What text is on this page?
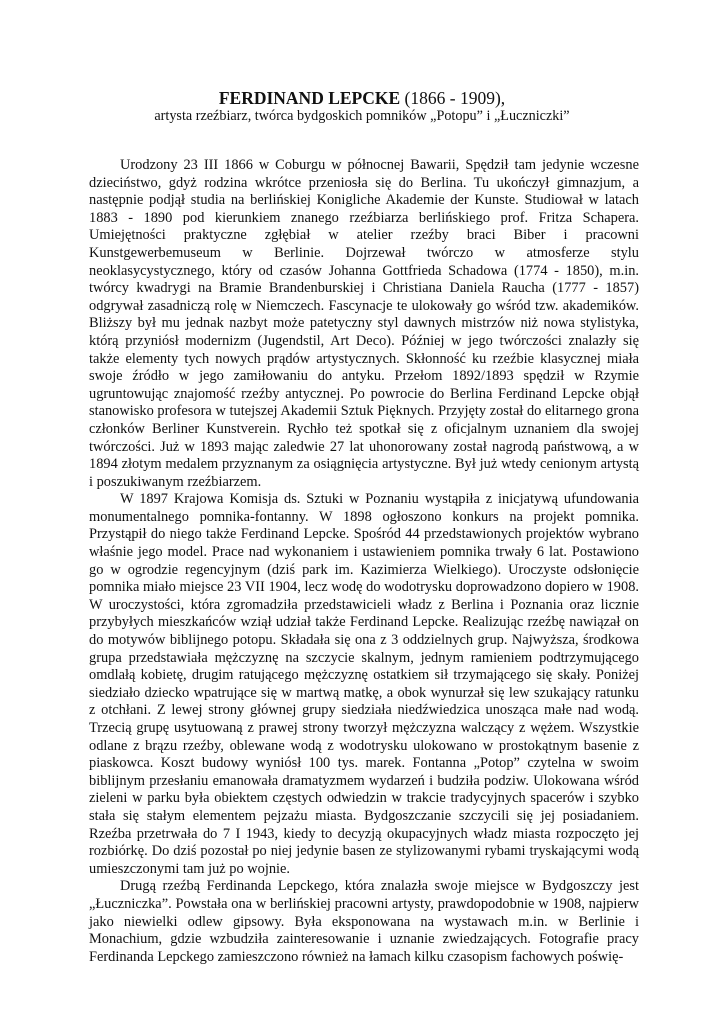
FERDINAND LEPCKE (1866 - 1909),

artysta rzeźbiarz, twórca bydgoskich pomników „Potopu” i „Łuczniczki”

Urodzony 23 III 1866 w Coburgu w północnej Bawarii, Spędził tam jedynie wczesne dzieciństwo, gdyż rodzina wkrótce przeniosła się do Berlina. Tu ukończył gimnazjum, a następnie podjął studia na berlińskiej Konigliche Akademie der Kunste. Studiował w latach 1883 - 1890 pod kierunkiem znanego rzeźbiarza berlińskiego prof. Fritza Schapera. Umiejętności praktyczne zgłębiał w atelier rzeźby braci Biber i pracowni Kunstgewerbemuseum w Berlinie. Dojrzewał twórczo w atmosferze stylu neoklasycystycznego, który od czasów Johanna Gottfrieda Schadowa (1774 - 1850), m.in. twórcy kwadrygi na Bramie Brandenburskiej i Christiana Daniela Raucha (1777 - 1857) odgrywał zasadniczą rolę w Niemczech. Fascynacje te ulokowały go wśród tzw. akademików. Bliższy był mu jednak nazbyt może patetyczny styl dawnych mistrzów niż nowa stylistyka, którą przyniósł modernizm (Jugendstil, Art Deco). Później w jego twórczości znalazły się także elementy tych nowych prądów artystycznych. Skłonność ku rzeźbie klasycznej miała swoje źródło w jego zamiłowaniu do antyku. Przełom 1892/1893 spędził w Rzymie ugruntowując znajomość rzeźby antycznej. Po powrocie do Berlina Ferdinand Lepcke objął stanowisko profesora w tutejszej Akademii Sztuk Pięknych. Przyjęty został do elitarnego grona członków Berliner Kunstverein. Rychło też spotkał się z oficjalnym uznaniem dla swojej twórczości. Już w 1893 mając zaledwie 27 lat uhonorowany został nagrodą państwową, a w 1894 złotym medalem przyznanym za osiągnięcia artystyczne. Był już wtedy cenionym artystą i poszukiwanym rzeźbiarzem.

W 1897 Krajowa Komisja ds. Sztuki w Poznaniu wystąpiła z inicjatywą ufundowania monumentalnego pomnika-fontanny. W 1898 ogłoszono konkurs na projekt pomnika. Przystąpił do niego także Ferdinand Lepcke. Spośród 44 przedstawionych projektów wybrano właśnie jego model. Prace nad wykonaniem i ustawieniem pomnika trwały 6 lat. Postawiono go w ogrodzie regencyjnym (dziś park im. Kazimierza Wielkiego). Uroczyste odsłonięcie pomnika miało miejsce 23 VII 1904, lecz wodę do wodotrysku doprowadzono dopiero w 1908. W uroczystości, która zgromadziła przedstawicieli władz z Berlina i Poznania oraz licznie przybyłych mieszkańców wziął udział także Ferdinand Lepcke. Realizując rzeźbę nawiązał on do motywów biblijnego potopu. Składała się ona z 3 oddzielnych grup. Najwyższa, środkowa grupa przedstawiała mężczyznę na szczycie skalnym, jednym ramieniem podtrzymującego omdlałą kobietę, drugim ratującego mężczyznę ostatkiem sił trzymającego się skały. Poniżej siedziało dziecko wpatrujące się w martwą matkę, a obok wynurzał się lew szukający ratunku z otchłani. Z lewej strony głównej grupy siedziała niedźwiedzica unosząca małe nad wodą. Trzecią grupę usytuowaną z prawej strony tworzył mężczyzna walczący z wężem. Wszystkie odlane z brązu rzeźby, oblewane wodą z wodotrysku ulokowano w prostokątnym basenie z piaskowca. Koszt budowy wyniósł 100 tys. marek. Fontanna „Potop” czytelna w swoim biblijnym przesłaniu emanowała dramatyzmem wydarzeń i budziła podziw. Ulokowana wśród zieleni w parku była obiektem częstych odwiedzin w trakcie tradycyjnych spacerów i szybko stała się stałym elementem pejzażu miasta. Bydgoszczanie szczycili się jej posiadaniem. Rzeźba przetrwała do 7 I 1943, kiedy to decyzją okupacyjnych władz miasta rozpoczęto jej rozbiórkę. Do dziś pozostał po niej jedynie basen ze stylizowanymi rybami tryskającymi wodą umieszczonymi tam już po wojnie.

Drugą rzeźbą Ferdinanda Lepckego, która znalazła swoje miejsce w Bydgoszczy jest „Łuczniczka”. Powstała ona w berlińskiej pracowni artysty, prawdopodobnie w 1908, najpierw jako niewielki odlew gipsowy. Była eksponowana na wystawach m.in. w Berlinie i Monachium, gdzie wzbudziła zainteresowanie i uznanie zwiedzających. Fotografie pracy Ferdinanda Lepckego zamieszczono również na łamach kilku czasopism fachowych poświę-
